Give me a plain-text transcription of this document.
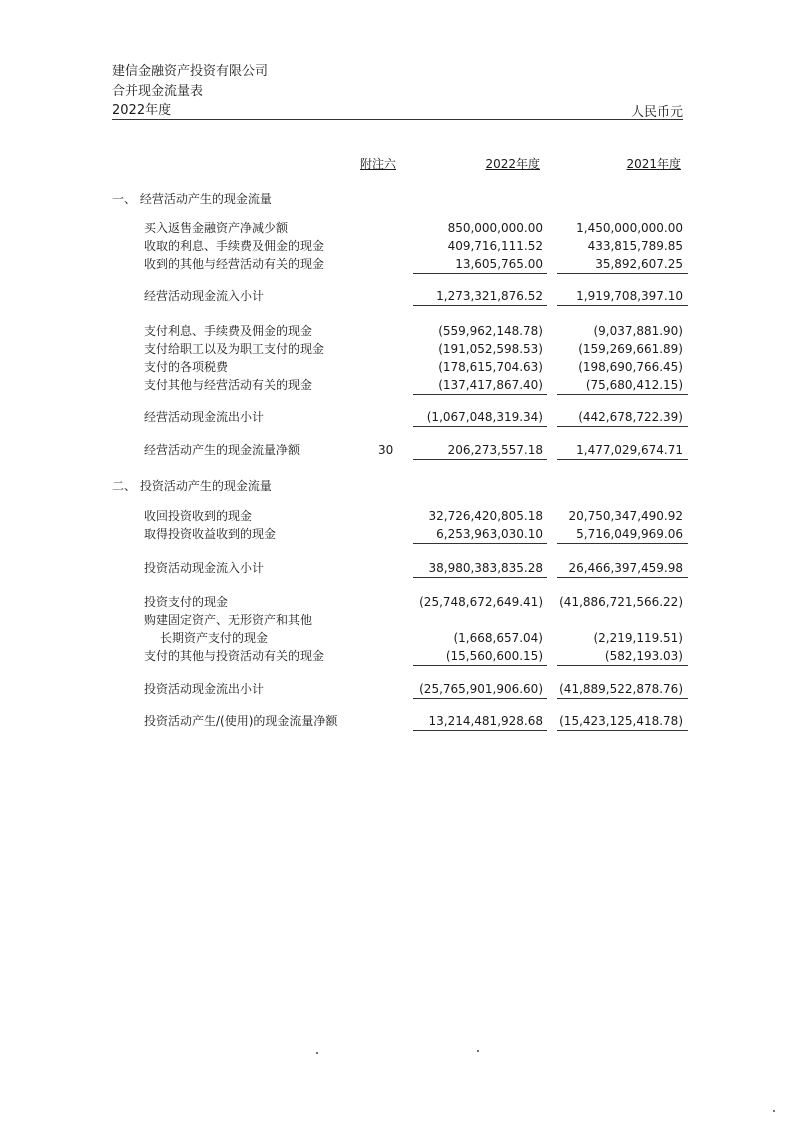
建信金融资产投资有限公司
合并现金流量表
2022年度	人民币元
附注六	2022年度	2021年度
一、 经营活动产生的现金流量
买入返售金融资产净减少额	850,000,000.00	1,450,000,000.00
收取的利息、手续费及佣金的现金	409,716,111.52	433,815,789.85
收到的其他与经营活动有关的现金	13,605,765.00	35,892,607.25
经营活动现金流入小计	1,273,321,876.52	1,919,708,397.10
支付利息、手续费及佣金的现金	(559,962,148.78)	(9,037,881.90)
支付给职工以及为职工支付的现金	(191,052,598.53)	(159,269,661.89)
支付的各项税费	(178,615,704.63)	(198,690,766.45)
支付其他与经营活动有关的现金	(137,417,867.40)	(75,680,412.15)
经营活动现金流出小计	(1,067,048,319.34)	(442,678,722.39)
经营活动产生的现金流量净额	30	206,273,557.18	1,477,029,674.71
二、 投资活动产生的现金流量
收回投资收到的现金	32,726,420,805.18 20,750,347,490.92
取得投资收益收到的现金	6,253,963,030.10	5,716,049,969.06
投资活动现金流入小计	38,980,383,835.28 26,466,397,459.98
投资支付的现金	(25,748,672,649.41) (41,886,721,566.22)
购建固定资产、无形资产和其他
长期资产支付的现金	(1,668,657.04)	(2,219,119.51)
支付的其他与投资活动有关的现金	(15,560,600.15)	(582,193.03)
投资活动现金流出小计	(25,765,901,906.60) (41,889,522,878.76)
投资活动产生/(使用)的现金流量净额	13,214,481,928.68 (15,423,125,418.78)
